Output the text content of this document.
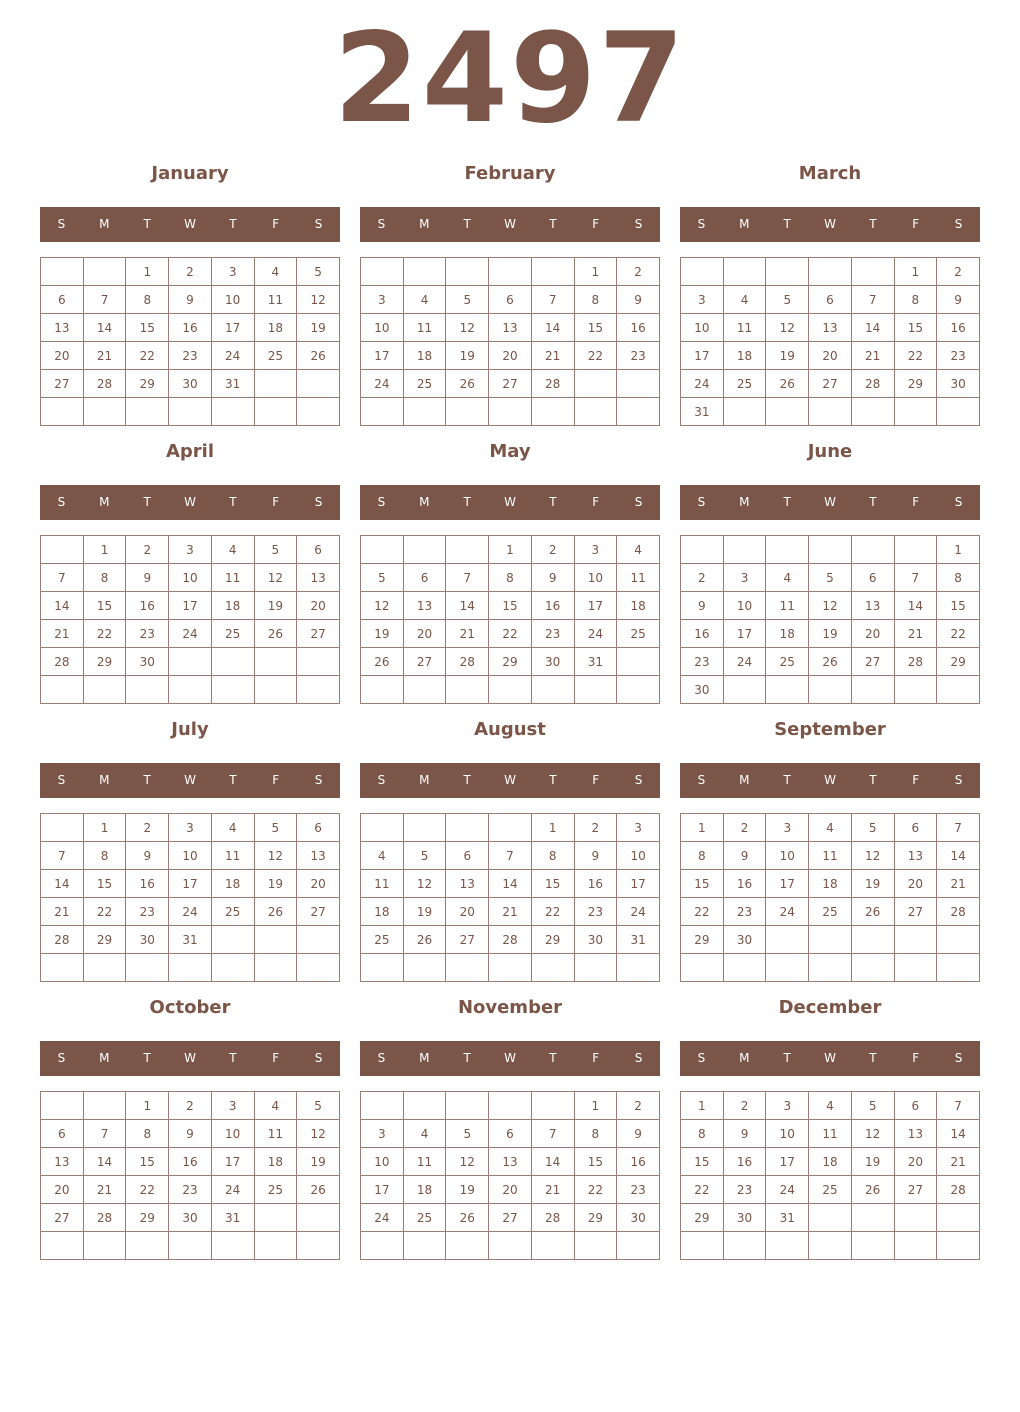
2497
January
S	M	T	W	T	F	S
		1	2	3	4	5
6	7	8	9	10	11	12
13	14	15	16	17	18	19
20	21	22	23	24	25	26
27	28	29	30	31		

February
S	M	T	W	T	F	S
					1	2
3	4	5	6	7	8	9
10	11	12	13	14	15	16
17	18	19	20	21	22	23
24	25	26	27	28		

March
S	M	T	W	T	F	S
					1	2
3	4	5	6	7	8	9
10	11	12	13	14	15	16
17	18	19	20	21	22	23
24	25	26	27	28	29	30
31						
April
S	M	T	W	T	F	S
	1	2	3	4	5	6
7	8	9	10	11	12	13
14	15	16	17	18	19	20
21	22	23	24	25	26	27
28	29	30				

May
S	M	T	W	T	F	S
			1	2	3	4
5	6	7	8	9	10	11
12	13	14	15	16	17	18
19	20	21	22	23	24	25
26	27	28	29	30	31	

June
S	M	T	W	T	F	S
						1
2	3	4	5	6	7	8
9	10	11	12	13	14	15
16	17	18	19	20	21	22
23	24	25	26	27	28	29
30						
July
S	M	T	W	T	F	S
	1	2	3	4	5	6
7	8	9	10	11	12	13
14	15	16	17	18	19	20
21	22	23	24	25	26	27
28	29	30	31			

August
S	M	T	W	T	F	S
				1	2	3
4	5	6	7	8	9	10
11	12	13	14	15	16	17
18	19	20	21	22	23	24
25	26	27	28	29	30	31

September
S	M	T	W	T	F	S
1	2	3	4	5	6	7
8	9	10	11	12	13	14
15	16	17	18	19	20	21
22	23	24	25	26	27	28
29	30					

October
S	M	T	W	T	F	S
		1	2	3	4	5
6	7	8	9	10	11	12
13	14	15	16	17	18	19
20	21	22	23	24	25	26
27	28	29	30	31		

November
S	M	T	W	T	F	S
					1	2
3	4	5	6	7	8	9
10	11	12	13	14	15	16
17	18	19	20	21	22	23
24	25	26	27	28	29	30

December
S	M	T	W	T	F	S
1	2	3	4	5	6	7
8	9	10	11	12	13	14
15	16	17	18	19	20	21
22	23	24	25	26	27	28
29	30	31				
